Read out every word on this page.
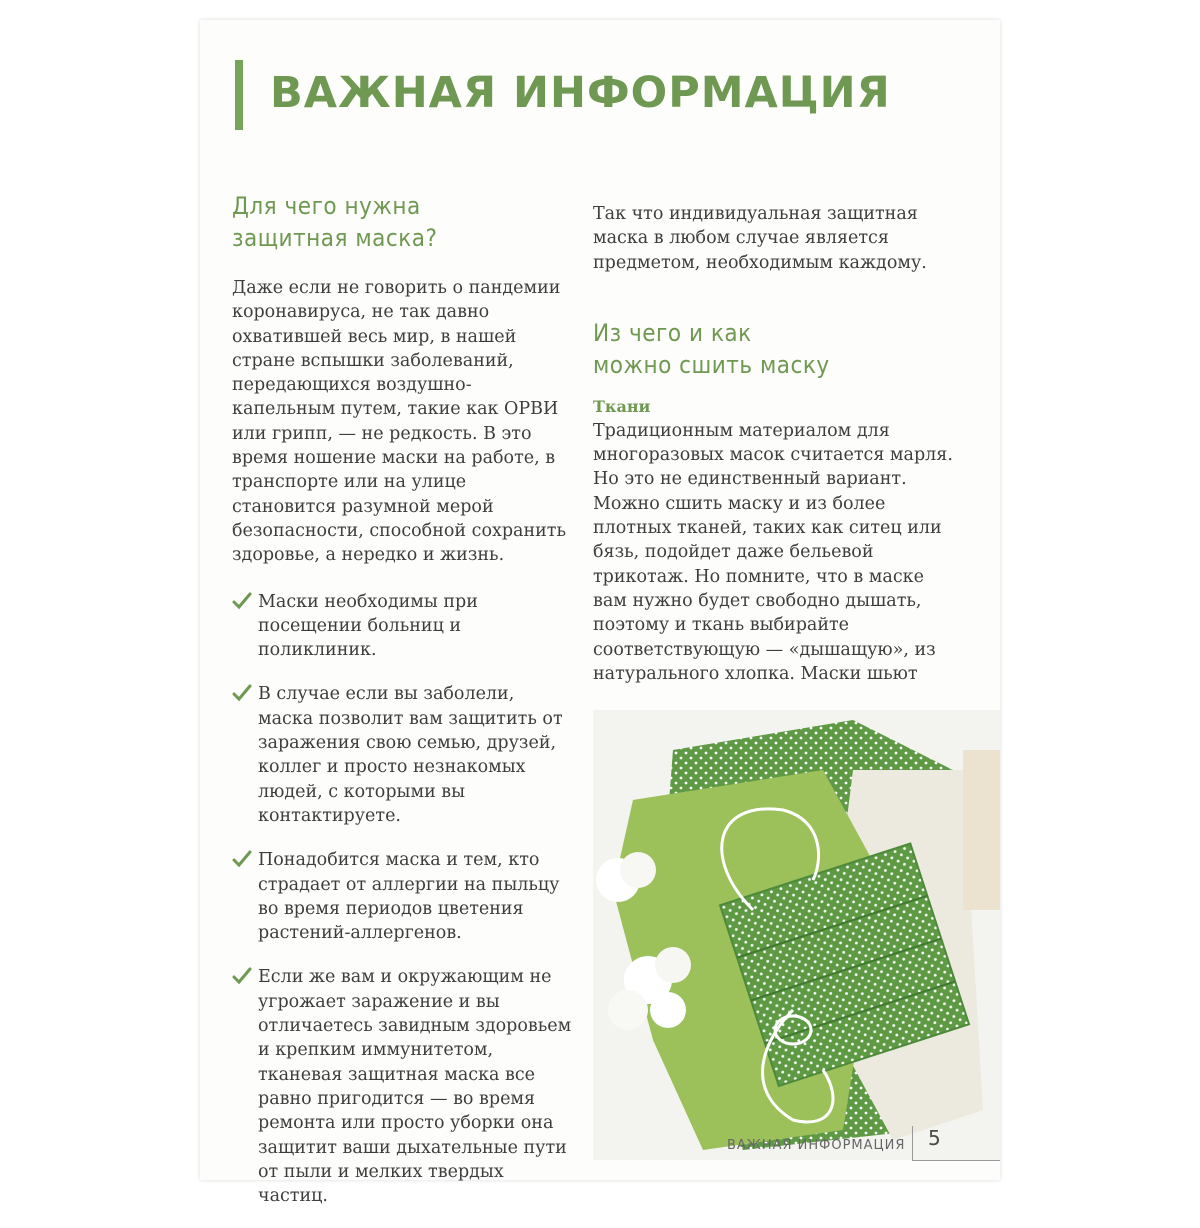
ВАЖНАЯ ИНФОРМАЦИЯ
Для чего нужна
защитная маска?

Даже если не говорить о пандемии коронавируса, не так давно охватившей весь мир, в нашей стране вспышки заболеваний, передающихся воздушно-капельным путем, такие как ОРВИ или грипп, — не редкость. В это время ношение маски на работе, в транспорте или на улице становится разумной мерой безопасности, способной сохранить здоровье, а нередко и жизнь.

Маски необходимы при посещении больниц и поликлиник.
В случае если вы заболели, маска позволит вам защитить от заражения свою семью, друзей, коллег и просто незнакомых людей, с которыми вы контактируете.
Понадобится маска и тем, кто страдает от аллергии на пыльцу во время периодов цветения растений-аллергенов.
Если же вам и окружающим не угрожает заражение и вы отличаетесь завидным здоровьем и крепким иммунитетом, тканевая защитная маска все равно пригодится — во время ремонта или просто уборки она защитит ваши дыхательные пути от пыли и мелких твердых частиц.

Так что индивидуальная защитная маска в любом случае является предметом, необходимым каждому.

Из чего и как
можно сшить маску

Ткани

Традиционным материалом для многоразовых масок считается марля. Но это не единственный вариант. Можно сшить маску и из более плотных тканей, таких как ситец или бязь, подойдет даже бельевой трикотаж. Но помните, что в маске вам нужно будет свободно дышать, поэтому и ткань выбирайте соответствующую — «дышащую», из натурального хлопка. Маски шьют

ВАЖНАЯ ИНФОРМАЦИЯ 5
